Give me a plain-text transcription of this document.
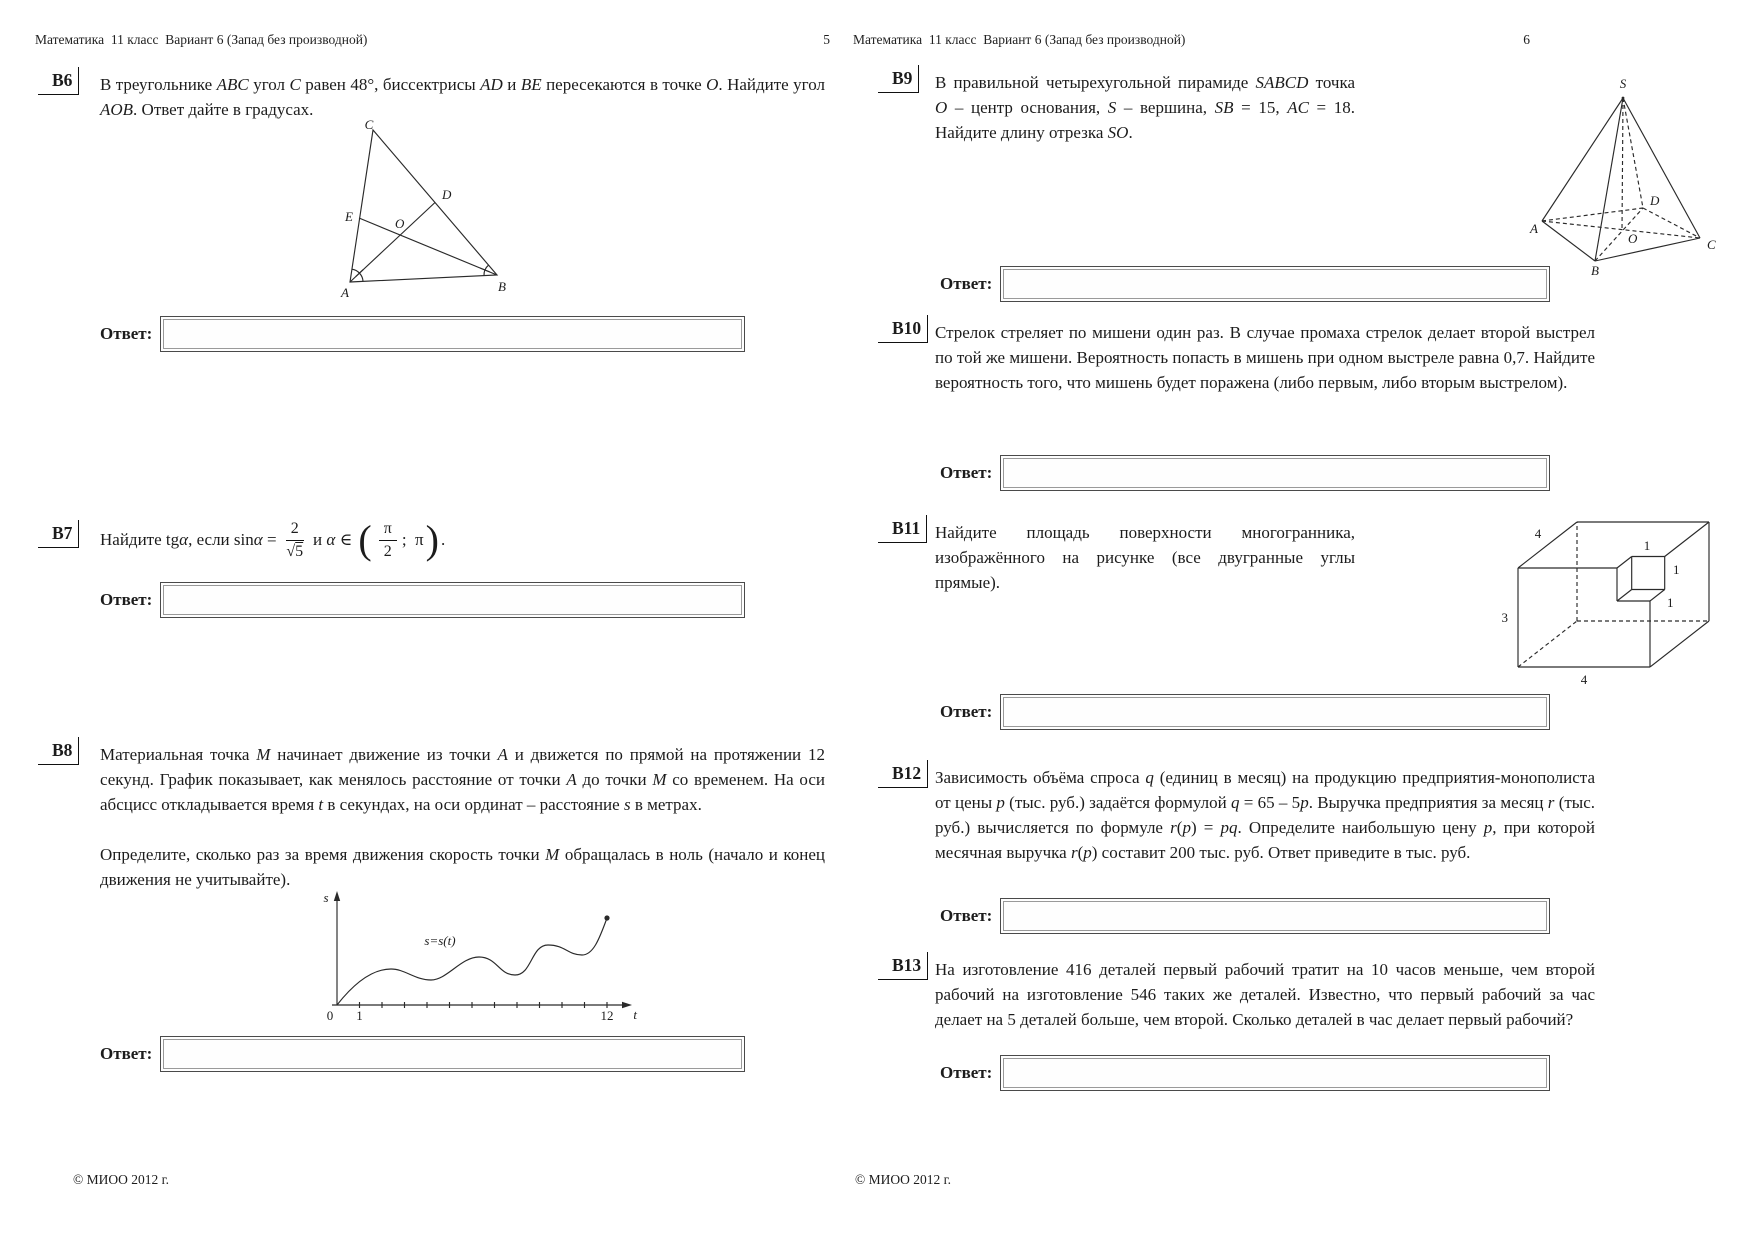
Математика  11 класс  Вариант 6 (Запад без производной)	5
В6	В треугольнике ABC угол C равен 48°, биссектрисы AD и BE пересекаются в точке O. Найдите угол AOB. Ответ дайте в градусах.
A	B
C
D
E	O
Ответ:
В7	Найдите tgα, если $\sin\alpha = \frac{2}{√5}$ и α ∈ ( $\frac{\pi}{2}$ ;  π ) .
Ответ:
В8	Материальная точка M начинает движение из точки A и движется по прямой на протяжении 12 секунд. График показывает, как менялось расстояние от точки A до точки M со временем. На оси абсцисс откладывается время t в секундах, на оси ординат – расстояние s в метрах.
Определите, сколько раз за время движения скорость точки M обращалась в ноль (начало и конец движения не учитывайте).
s
0 1	12 t
s=s(t)
Ответ:
© МИОО 2012 г.
Математика  11 класс  Вариант 6 (Запад без производной)	6
В9	В правильной четырехугольной пирамиде SABCD точка O – центр основания, S – вершина, SB = 15, AC = 18. Найдите длину отрезка SO.
S
A
B
C
D
O
Ответ:
В10 Стрелок стреляет по мишени один раз. В случае промаха стрелок делает второй выстрел по той же мишени. Вероятность попасть в мишень при одном выстреле равна 0,7. Найдите вероятность того, что мишень будет поражена (либо первым, либо вторым выстрелом).
Ответ:
В11 Найдите площадь поверхности многогранника, изображённого на рисунке (все двугранные углы прямые).
4
3
4
1
1
1
Ответ:
В12 Зависимость объёма спроса q (единиц в месяц) на продукцию предприятия-монополиста от цены p (тыс. руб.) задаётся формулой q = 65 – 5p. Выручка предприятия за месяц r (тыс. руб.) вычисляется по формуле r(p) = pq. Определите наибольшую цену p, при которой месячная выручка r(p) составит 200 тыс. руб. Ответ приведите в тыс. руб.
Ответ:
В13 На изготовление 416 деталей первый рабочий тратит на 10 часов меньше, чем второй рабочий на изготовление 546 таких же деталей. Известно, что первый рабочий за час делает на 5 деталей больше, чем второй. Сколько деталей в час делает первый рабочий?
Ответ:
© МИОО 2012 г.
